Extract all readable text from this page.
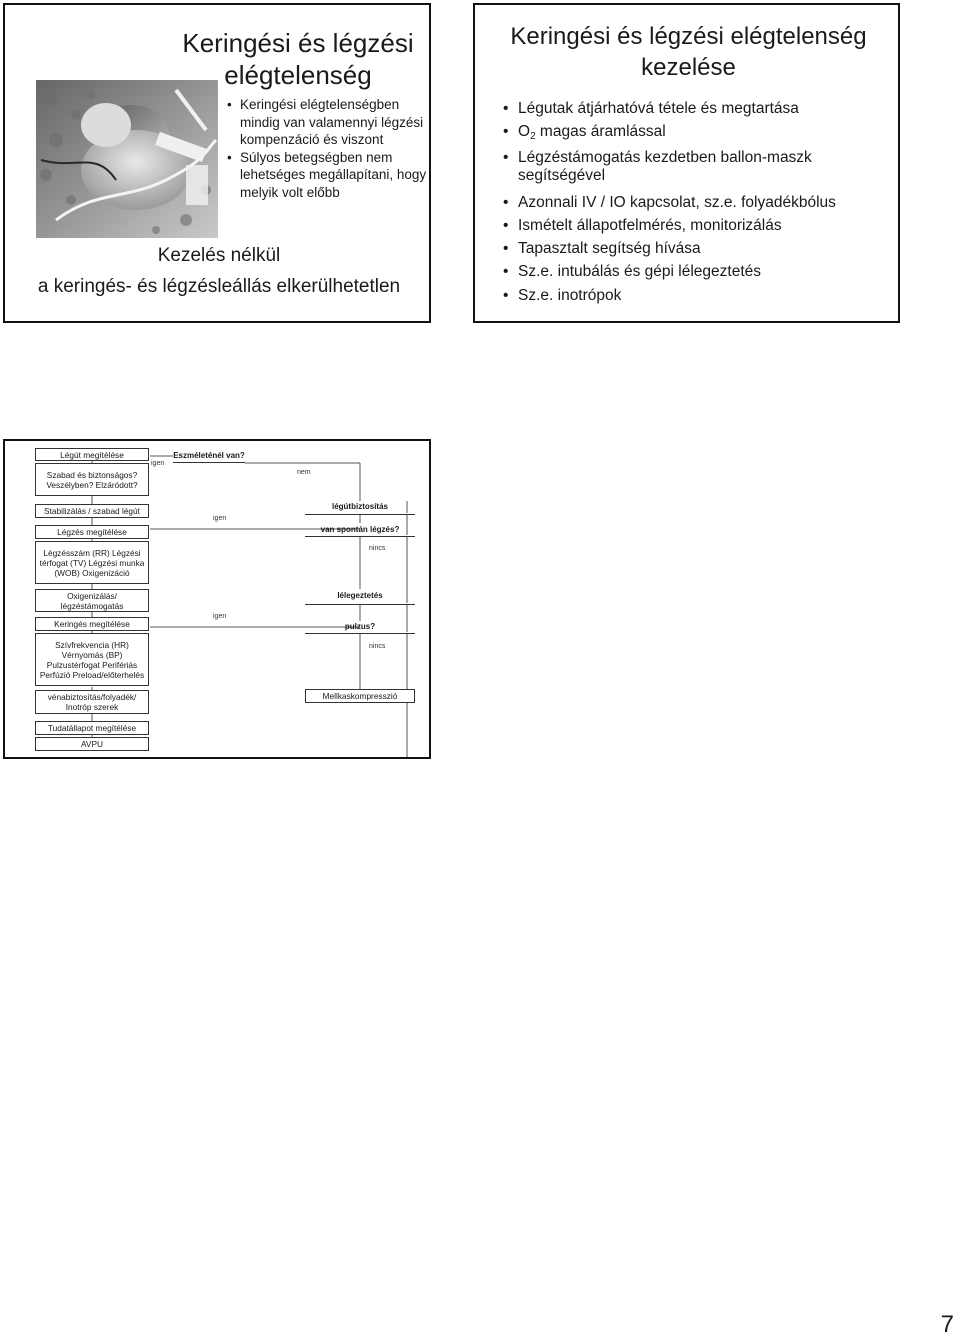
Keringési és légzési elégtelenség
• Keringési elégtelenségben mindig van valamennyi légzési kompenzáció és viszont
• Súlyos betegségben nem lehetséges megállapítani, hogy melyik volt előbb
Kezelés nélkül
a keringés- és légzésleállás elkerülhetetlen
Keringési és légzési elégtelenség kezelése
• Légutak átjárhatóvá tétele és megtartása
• $O_2$ magas áramlással
• Légzéstámogatás kezdetben ballon-maszk segítségével
• Azonnali IV / IO kapcsolat, sz.e. folyadékbólus
• Ismételt állapotfelmérés, monitorizálás
• Tapasztalt segítség hívása
• Sz.e. intubálás és gépi lélegeztetés
• Sz.e. inotrópok
Légút megítélése
Szabad és biztonságos? Veszélyben? Elzáródott?
Stabilizálás / szabad légút
Légzés megítélése
Légzésszám (RR) Légzési térfogat (TV) Légzési munka (WOB) Oxigenizáció
Oxigenizálás/ légzéstámogatás
Keringés megítélése
Szívfrekvencia (HR) Vérnyomás (BP) Pulzustérfogat Perifériás Perfúzió Preload/előterhelés
vénabiztosítás/folyadék/ Inotróp szerek
Tudatállapot megítélése
AVPU
Eszméleténél van?
légútbiztosítás
van spontán légzés?
lélegeztetés
pulzus?
Mellkaskompresszió
igen
nem
igen
nincs
igen
nincs
7
